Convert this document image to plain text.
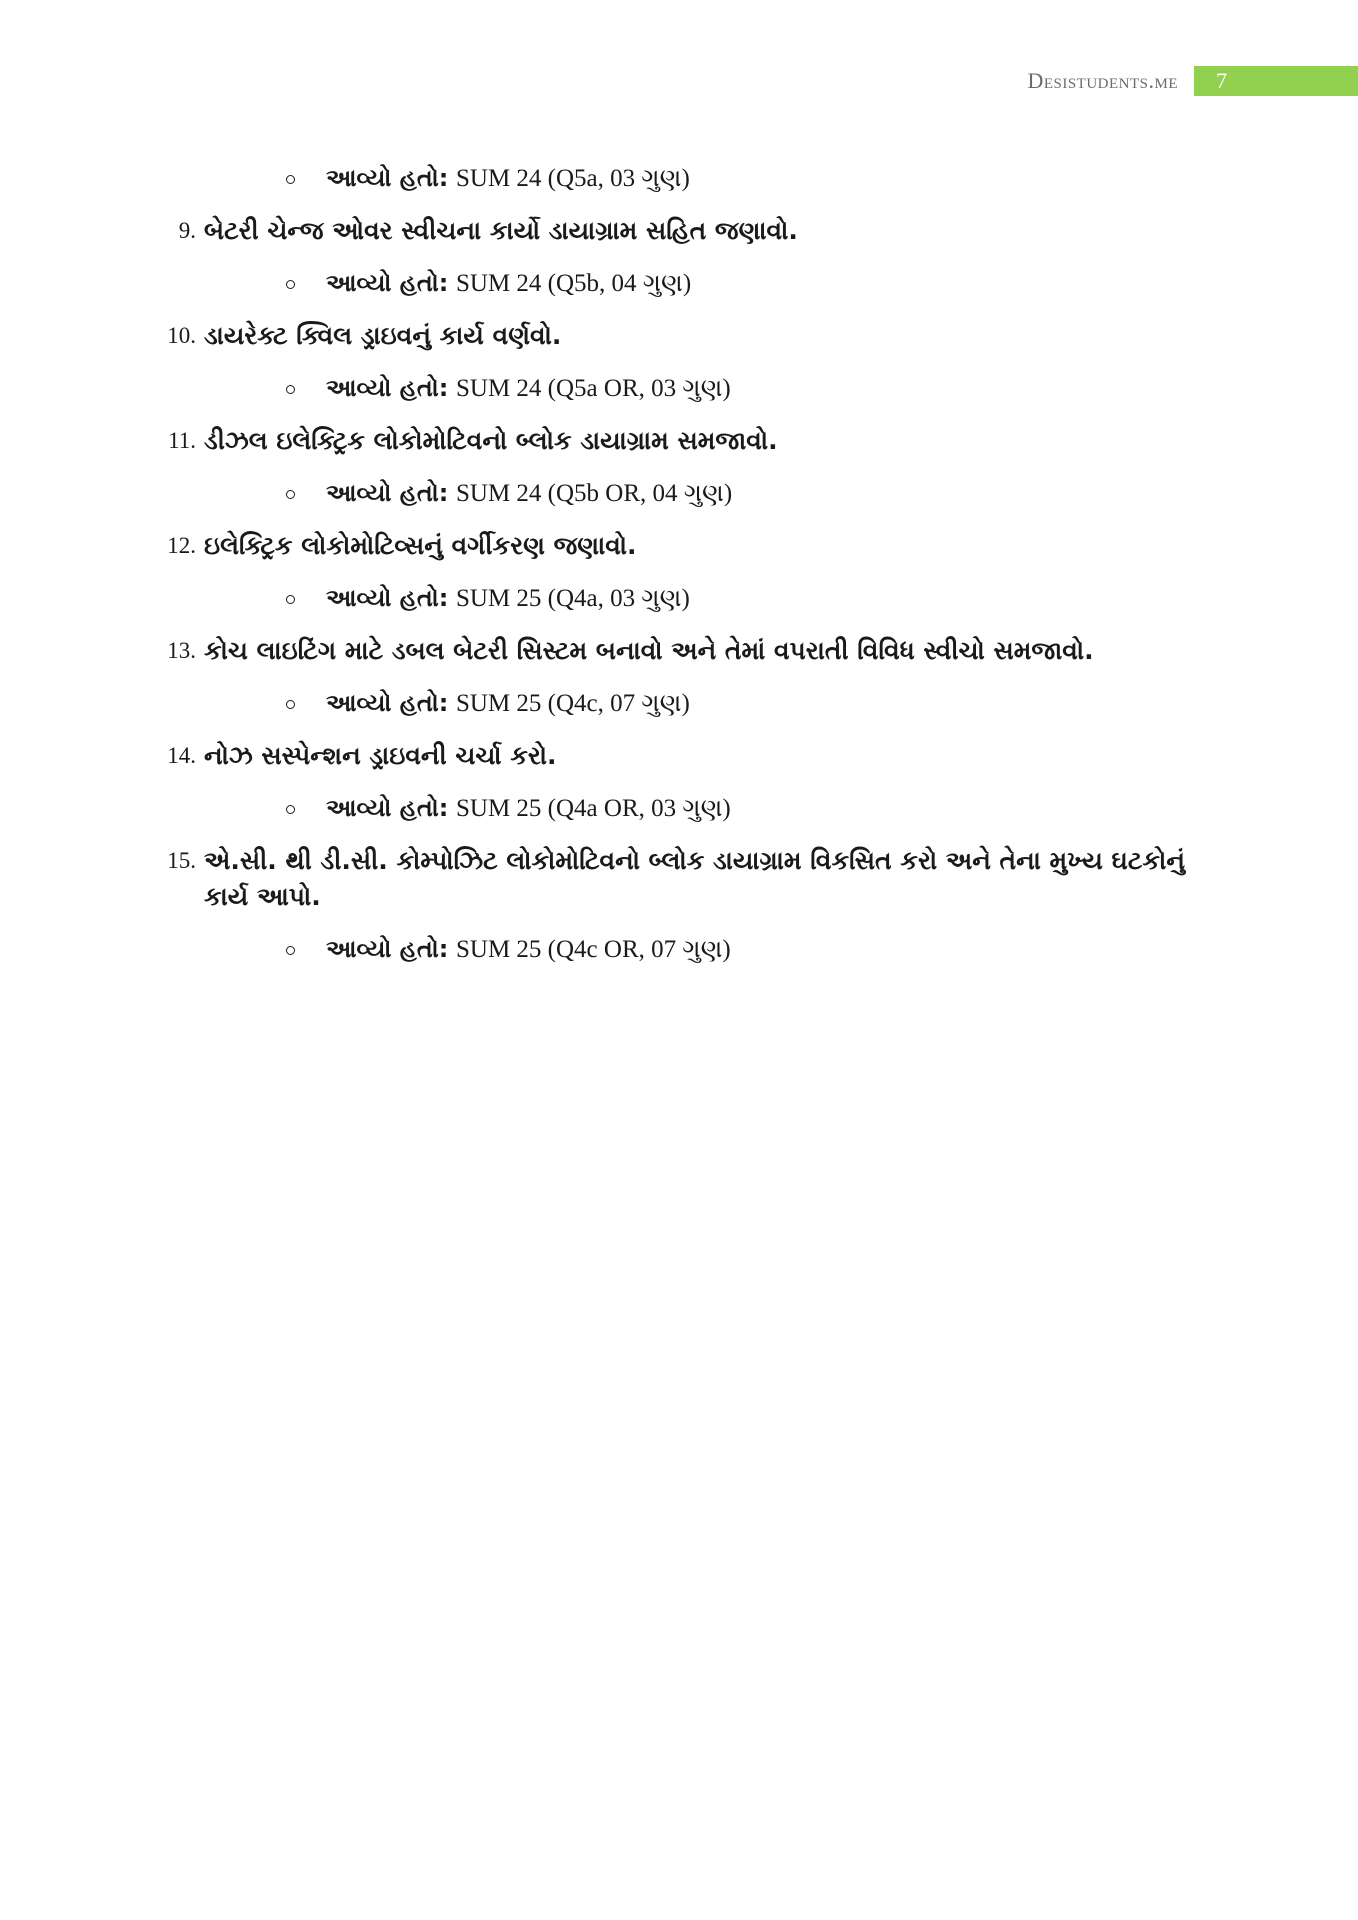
Desistudents.me	7
આવ્યો હતો: SUM 24 (Q5a, 03 ગુણ)
9. બેટરી ચેન્જ ઓવર સ્વીચના કાર્યો ડાયાગ્રામ સહિત જણાવો.
આવ્યો હતો: SUM 24 (Q5b, 04 ગુણ)
10. ડાયરેક્ટ ક્વિલ ડ્રાઇવનું કાર્ય વર્ણવો.
આવ્યો હતો: SUM 24 (Q5a OR, 03 ગુણ)
11. ડીઝલ ઇલેક્ટ્રિક લોકોમોટિવનો બ્લોક ડાયાગ્રામ સમજાવો.
આવ્યો હતો: SUM 24 (Q5b OR, 04 ગુણ)
12. ઇલેક્ટ્રિક લોકોમોટિવ્સનું વર્ગીકરણ જણાવો.
આવ્યો હતો: SUM 25 (Q4a, 03 ગુણ)
13. કોચ લાઇટિંગ માટે ડબલ બેટરી સિસ્ટમ બનાવો અને તેમાં વપરાતી વિવિધ સ્વીચો સમજાવો.
આવ્યો હતો: SUM 25 (Q4c, 07 ગુણ)
14. નોઝ સસ્પેન્શન ડ્રાઇવની ચર્ચા કરો.
આવ્યો હતો: SUM 25 (Q4a OR, 03 ગુણ)
15. એ.સી. થી ડી.સી. કોમ્પોઝિટ લોકોમોટિવનો બ્લોક ડાયાગ્રામ વિકસિત કરો અને તેના મુખ્ય ઘટકોનું કાર્ય આપો.
આવ્યો હતો: SUM 25 (Q4c OR, 07 ગુણ)
